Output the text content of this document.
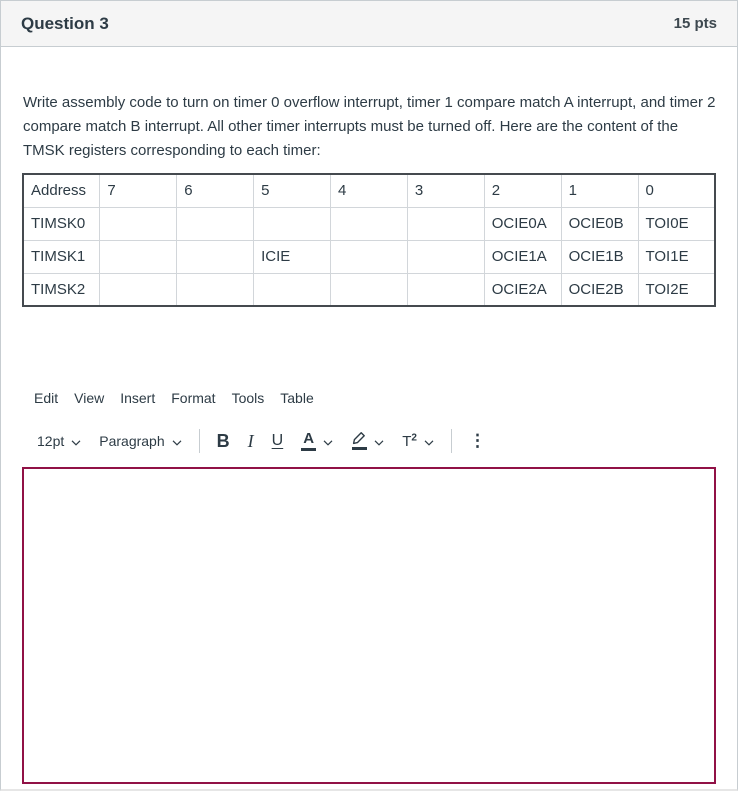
Question 3	15 pts

Write assembly code to turn on timer 0 overflow interrupt, timer 1 compare match A interrupt, and timer 2 compare match B interrupt. All other timer interrupts must be turned off. Here are the content of the TMSK registers corresponding to each timer:

Address	7	6	5	4	3	2	1	0
TIMSK0						OCIE0A	OCIE0B	TOI0E
TIMSK1			ICIE			OCIE1A	OCIE1B	TOI1E
TIMSK2						OCIE2A	OCIE2B	TOI2E
Edit	View	Insert	Format	Tools	Table
12pt	Paragraph	B I U A	$T^2$	⋮
